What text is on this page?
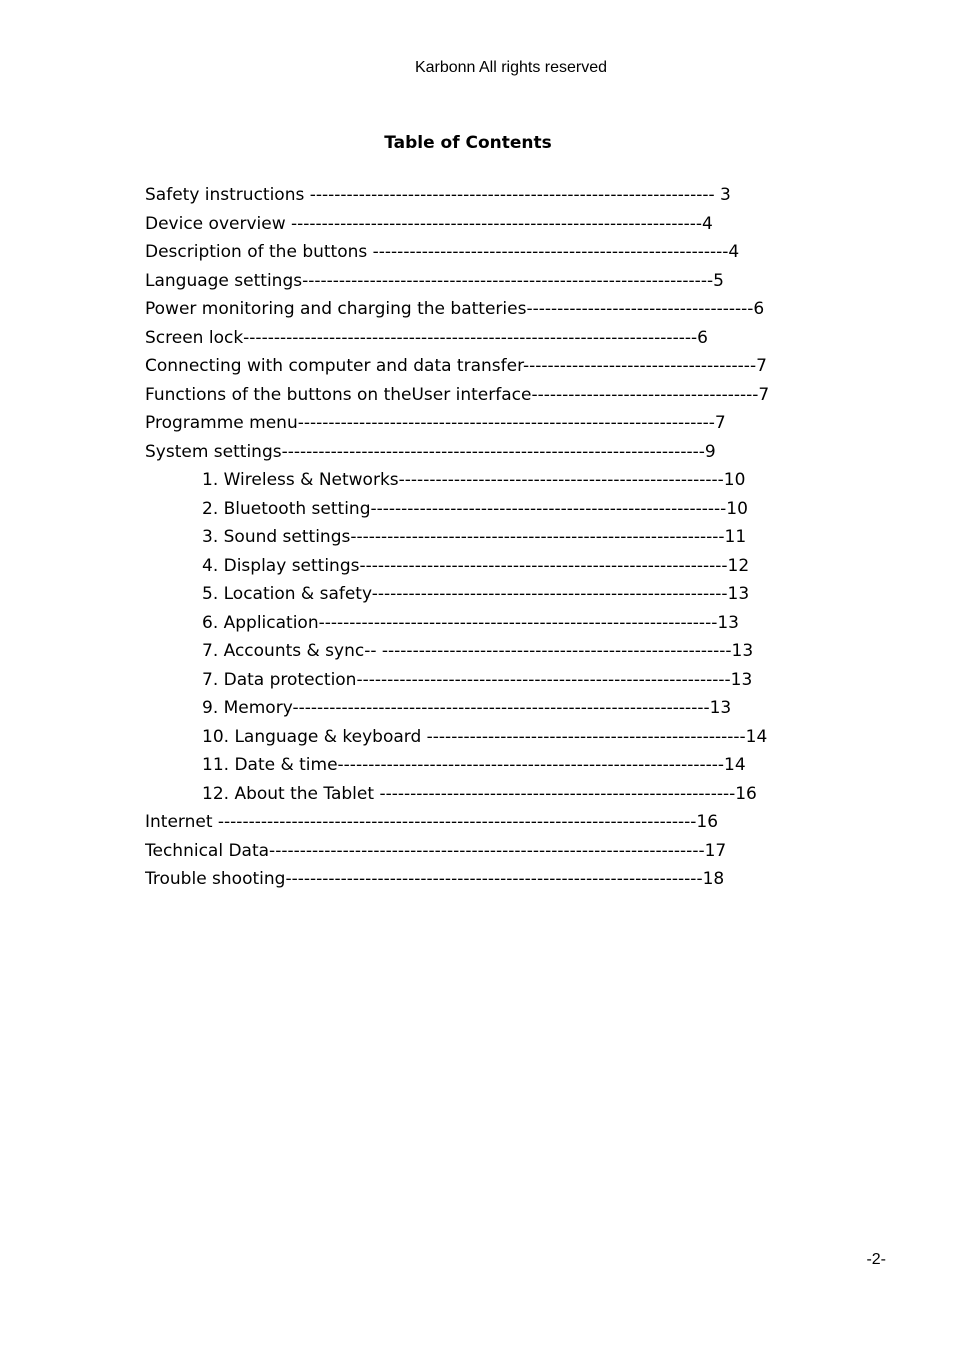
Karbonn All rights reserved
Table of Contents
Safety instructions ------------------------------------------------------------------ 3
Device overview -------------------------------------------------------------------4
Description of the buttons ----------------------------------------------------------4
Language settings-------------------------------------------------------------------5
Power monitoring and charging the batteries-------------------------------------6
Screen lock--------------------------------------------------------------------------6
Connecting with computer and data transfer--------------------------------------7
Functions of the buttons on theUser interface-------------------------------------7
Programme menu--------------------------------------------------------------------7
System settings---------------------------------------------------------------------9
1. Wireless & Networks-----------------------------------------------------10
2. Bluetooth setting----------------------------------------------------------10
3. Sound settings-------------------------------------------------------------11
4. Display settings------------------------------------------------------------12
5. Location & safety----------------------------------------------------------13
6. Application-----------------------------------------------------------------13
7. Accounts & sync-- ---------------------------------------------------------13
7. Data protection-------------------------------------------------------------13
9. Memory--------------------------------------------------------------------13
10. Language & keyboard ----------------------------------------------------14
11. Date & time---------------------------------------------------------------14
12. About the Tablet ----------------------------------------------------------16
Internet ------------------------------------------------------------------------------16
Technical Data-----------------------------------------------------------------------17
Trouble shooting--------------------------------------------------------------------18
-2-
